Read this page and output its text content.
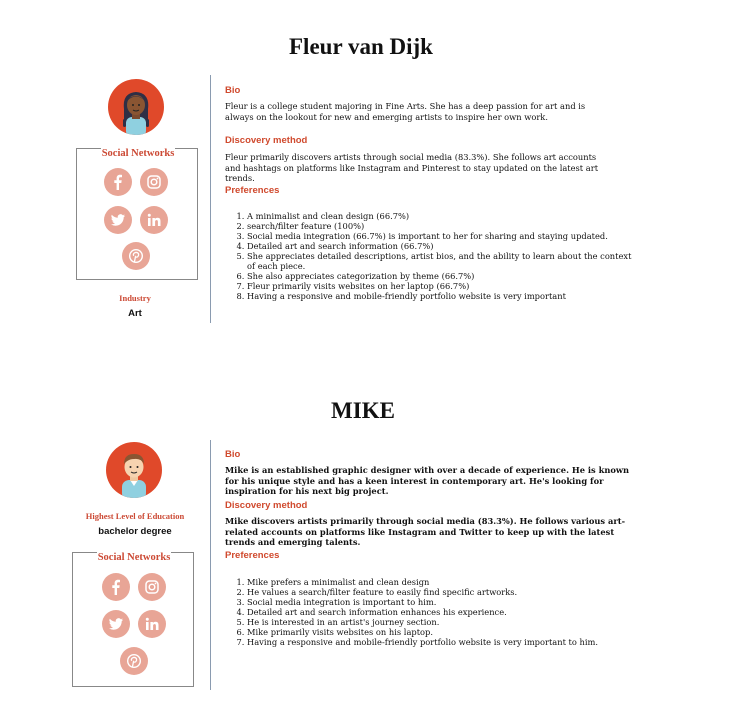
Fleur van Dijk
Social Networks
Industry
Art
Bio
Fleur is a college student majoring in Fine Arts. She has a deep passion for art and is always on the lookout for new and emerging artists to inspire her own work.
Discovery method
Fleur primarily discovers artists through social media (83.3%). She follows art accounts and hashtags on platforms like Instagram and Pinterest to stay updated on the latest art trends.
Preferences
1. A minimalist and clean design (66.7%)
2. search/filter feature (100%)
3. Social media integration (66.7%) is important to her for sharing and staying updated.
4. Detailed art and search information (66.7%)
5. She appreciates detailed descriptions, artist bios, and the ability to learn about the context of each piece.
6. She also appreciates categorization by theme (66.7%)
7. Fleur primarily visits websites on her laptop (66.7%)
8. Having a responsive and mobile-friendly portfolio website is very important
MIKE
Highest Level of Education
bachelor degree
Social Networks
Bio
Mike is an established graphic designer with over a decade of experience. He is known for his unique style and has a keen interest in contemporary art. He's looking for inspiration for his next big project.
Discovery method
Mike discovers artists primarily through social media (83.3%). He follows various art-related accounts on platforms like Instagram and Twitter to keep up with the latest trends and emerging talents.
Preferences
1. Mike prefers a minimalist and clean design
2. He values a search/filter feature to easily find specific artworks.
3. Social media integration is important to him.
4. Detailed art and search information enhances his experience.
5. He is interested in an artist's journey section.
6. Mike primarily visits websites on his laptop.
7. Having a responsive and mobile-friendly portfolio website is very important to him.
